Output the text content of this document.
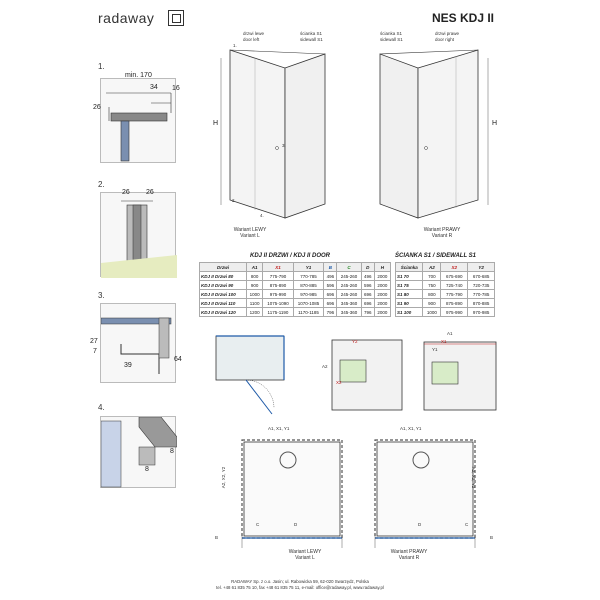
radaway	NES KDJ II
1.
min. 170
34 16
26
2.
26 26
3.
27
7
39
64
4.
8
8
drzwi lewe
door left
ścianka S1
sidewall S1
H
1.
2.
3.
4.
Wariant LEWY
Variant L
ścianka S1
sidewall S1
drzwi prawe
door right
H
Wariant PRAWY
Variant R
KDJ II DRZWI / KDJ II DOOR
Drzwi	A1	X1	Y1	B	C	D	H
KDJ II Drzwi 80	800	775-790	770-785	496	245-260	496	2000
KDJ II Drzwi 90	900	875-890	870-885	596	245-260	596	2000
KDJ II Drzwi 100	1000	975-990	970-985	696	245-260	696	2000
KDJ II Drzwi 110	1100	1075-1090	1070-1085	696	345-360	696	2000
KDJ II Drzwi 120	1200	1175-1190	1170-1185	796	345-360	796	2000
ŚCIANKA S1 / SIDEWALL S1
Ścianka	A2	X2	Y2
S1 70	700	675-690	670-685
S1 75	750	725-740	720-735
S1 80	800	775-790	770-785
S1 90	900	875-890	870-885
S1 100	1000	975-990	970-985
Y2
A2
X2
A1
X1
Y1
A1, X1, Y1
A2, X2, Y2
B
C	D
Wariant LEWY
Variant L
A1, X1, Y1
A2, X2, Y2
B
C
D
Wariant PRAWY
Variant R
RADAWAY Sp. z o.o. Jasin; ul. Rabowicka 59, 62-020 Swarzędz, Polska
tel. +48 61 835 75 10, fax +48 61 835 75 11, e-mail: office@radaway.pl, www.radaway.pl
